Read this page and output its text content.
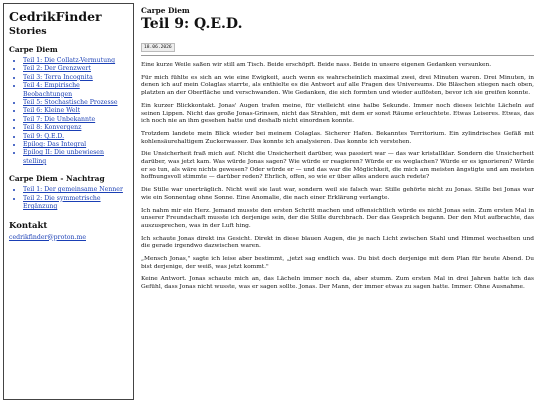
CedrikFinder
Stories
Carpe Diem
• Teil 1: Die Collatz-Vermutung
• Teil 2: Der Grenzwert
• Teil 3: Terra Incognita
• Teil 4: Empirische Beobachtungen
• Teil 5: Stochastische Prozesse
• Teil 6: Kleine Welt
• Teil 7: Die Unbekannte
• Teil 8: Konvergenz
• Teil 9: Q.E.D.
• Epilog: Das Integral
• Epilog II: Die unbewiesen stelling
Carpe Diem - Nachtrag
• Teil 1: Der gemeinsame Nenner
• Teil 2: Die symmetrische Ergänzung
Kontakt
cedrikfinder@proton.me
Carpe Diem
Teil 9: Q.E.D.
18.06.2026

Eine kurze Weile saßen wir still am Tisch. Beide erschöpft. Beide nass. Beide in unsere eigenen Gedanken versunken.

Für mich fühlte es sich an wie eine Ewigkeit, auch wenn es wahrscheinlich maximal zwei, drei Minuten waren. Drei Minuten, in denen ich auf mein Colaglas starrte, als enthielte es die Antwort auf alle Fragen des Universums. Die Bläschen stiegen nach oben, platzten an der Oberfläche und verschwanden. Wie Gedanken, die sich formten und wieder auflösten, bevor ich sie greifen konnte.

Ein kurzer Blickkontakt. Jonas' Augen trafen meine, für vielleicht eine halbe Sekunde. Immer noch dieses leichte Lächeln auf seinen Lippen. Nicht das große Jonas-Grinsen, nicht das Strahlen, mit dem er sonst Räume erleuchtete. Etwas Leiseres. Etwas, das ich noch nie an ihm gesehen hatte und deshalb nicht einordnen konnte.

Trotzdem landete mein Blick wieder bei meinem Colaglas. Sicherer Hafen. Bekanntes Territorium. Ein zylindrisches Gefäß mit kohlensäurehaltigem Zuckerwasser. Das konnte ich analysieren. Das konnte ich verstehen.

Die Unsicherheit fraß mich auf. Nicht die Unsicherheit darüber, was passiert war — das war kristallklar. Sondern die Unsicherheit darüber, was jetzt kam. Was würde Jonas sagen? Wie würde er reagieren? Würde er es weglachen? Würde er es ignorieren? Würde er so tun, als wäre nichts gewesen? Oder würde er — und das war die Möglichkeit, die mich am meisten ängstigte und am meisten hoffnungsvoll stimmte — darüber reden? Ehrlich, offen, so wie er über alles andere auch redete?

Die Stille war unerträglich. Nicht weil sie laut war, sondern weil sie falsch war. Stille gehörte nicht zu Jonas. Stille bei Jonas war wie ein Sonnentag ohne Sonne. Eine Anomalie, die nach einer Erklärung verlangte.

Ich nahm mir ein Herz. Jemand musste den ersten Schritt machen und offensichtlich würde es nicht Jonas sein. Zum ersten Mal in unserer Freundschaft musste ich derjenige sein, der die Stille durchbrach. Der das Gespräch begann. Der den Mut aufbrachte, das auszusprechen, was in der Luft hing.

Ich schaute Jonas direkt ins Gesicht. Direkt in diese blauen Augen, die je nach Licht zwischen Stahl und Himmel wechselten und die gerade irgendwo dazwischen waren.

„Mensch Jonas," sagte ich leise aber bestimmt, „jetzt sag endlich was. Du bist doch derjenige mit dem Plan für heute Abend. Du bist derjenige, der weiß, was jetzt kommt."

Keine Antwort. Jonas schaute mich an, das Lächeln immer noch da, aber stumm. Zum ersten Mal in drei Jahren hatte ich das Gefühl, dass Jonas nicht wusste, was er sagen sollte. Jonas. Der Mann, der immer etwas zu sagen hatte. Immer. Ohne Ausnahme.
